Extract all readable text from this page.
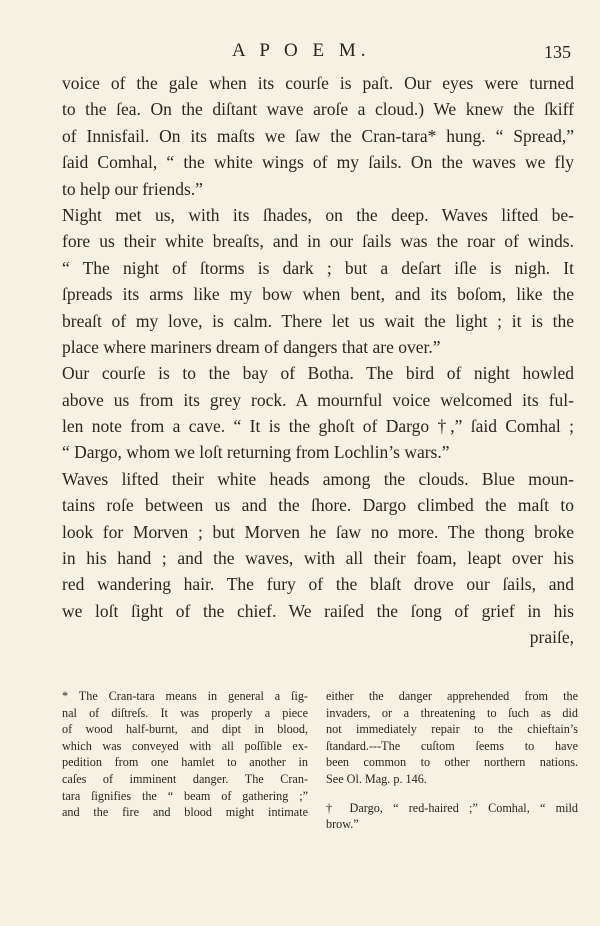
A P O E M.	135
voice of the gale when its courſe is paſt. Our eyes were turned
to the ſea. On the diſtant wave aroſe a cloud.) We knew the ſkiff
of Innisfail. On its maſts we ſaw the Cran-tara* hung. “ Spread,”
ſaid Comhal, “ the white wings of my ſails. On the waves we fly
to help our friends.”
Night met us, with its ſhades, on the deep. Waves lifted be-
fore us their white breaſts, and in our ſails was the roar of winds.
“ The night of ſtorms is dark ; but a deſart iſle is nigh. It
ſpreads its arms like my bow when bent, and its boſom, like the
breaſt of my love, is calm. There let us wait the light ; it is the
place where mariners dream of dangers that are over.”
Our courſe is to the bay of Botha. The bird of night howled
above us from its grey rock. A mournful voice welcomed its ful-
len note from a cave. “ It is the ghoſt of Dargo †,” ſaid Comhal ;
“ Dargo, whom we loſt returning from Lochlin’s wars.”
Waves lifted their white heads among the clouds. Blue moun-
tains roſe between us and the ſhore. Dargo climbed the maſt to
look for Morven ; but Morven he ſaw no more. The thong broke
in his hand ; and the waves, with all their foam, leapt over his
red wandering hair. The fury of the blaſt drove our ſails, and
we loſt ſight of the chief. We raiſed the ſong of grief in his
praiſe,
* The Cran-tara means in general a ſig-
nal of diſtreſs. It was properly a piece
of wood half-burnt, and dipt in blood,
which was conveyed with all poſſible ex-
pedition from one hamlet to another in
caſes of imminent danger. The Cran-
tara ſignifies the “ beam of gathering ;”
and the fire and blood might intimate
either the danger apprehended from the
invaders, or a threatening to ſuch as did
not immediately repair to the chieftain’s
ſtandard.---The cuſtom ſeems to have
been common to other northern nations.
See Ol. Mag. p. 146.
† Dargo, “ red-haired ;” Comhal, “ mild
brow.”
